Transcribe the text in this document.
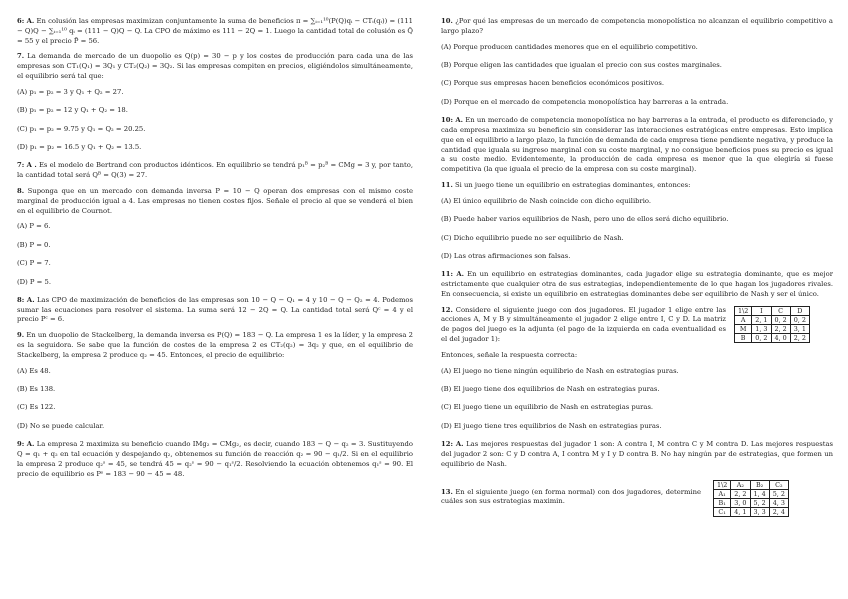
6: A. En colusión las empresas maximizan conjuntamente la suma de beneficios π = ∑ᵢ₌₁¹⁰(P(Q)qᵢ − CTᵢ(qᵢ)) = (111 − Q)Q − ∑ᵢ₌₁¹⁰ qᵢ = (111 − Q)Q − Q. La CPO de máximo es 111 − 2Q = 1. Luego la cantidad total de colusión es Q̄ = 55 y el precio P̄ = 56.

7. La demanda de mercado de un duopolio es Q(p) = 30 − p y los costes de producción para cada una de las empresas son CT₁(Q₁) = 3Q₁ y CT₂(Q₂) = 3Q₂. Si las empresas compiten en precios, eligiéndolos simultáneamente, el equilibrio será tal que:

(A) p₁ = p₂ = 3 y Q₁ + Q₂ = 27.

(B) p₁ = p₂ = 12 y Q₁ + Q₂ = 18.

(C) p₁ = p₂ = 9.75 y Q₁ = Q₂ = 20.25.

(D) p₁ = p₂ = 16.5 y Q₁ + Q₂ = 13.5.

7: A . Es el modelo de Bertrand con productos idénticos. En equilibrio se tendrá p₁ᴮ = p₂ᴮ = CMg = 3 y, por tanto, la cantidad total será Qᴮ = Q(3) = 27.

8. Suponga que en un mercado con demanda inversa P = 10 − Q operan dos empresas con el mismo coste marginal de producción igual a 4. Las empresas no tienen costes fijos. Señale el precio al que se venderá el bien en el equilibrio de Cournot.

(A) P = 6.

(B) P = 0.

(C) P = 7.

(D) P = 5.

8: A. Las CPO de maximización de beneficios de las empresas son 10 − Q − Q₁ = 4 y 10 − Q − Q₂ = 4. Podemos sumar las ecuaciones para resolver el sistema. La suma será 12 − 2Q = Q. La cantidad total será Qᶜ = 4 y el precio Pᶜ = 6.

9. En un duopolio de Stackelberg, la demanda inversa es P(Q) = 183 − Q. La empresa 1 es la líder, y la empresa 2 es la seguidora. Se sabe que la función de costes de la empresa 2 es CT₂(q₂) = 3q₂ y que, en el equilibrio de Stackelberg, la empresa 2 produce q₂ = 45. Entonces, el precio de equilibrio:

(A) Es 48.

(B) Es 138.

(C) Es 122.

(D) No se puede calcular.

9: A. La empresa 2 maximiza su beneficio cuando IMg₂ = CMg₂, es decir, cuando 183 − Q − q₂ = 3. Sustituyendo Q = q₁ + q₂ en tal ecuación y despejando q₂, obtenemos su función de reacción q₂ = 90 − q₁/2. Si en el equilibrio la empresa 2 produce q₂ˢ = 45, se tendrá 45 = q₂ˢ = 90 − q₁ˢ/2. Resolviendo la ecuación obtenemos q₁ˢ = 90. El precio de equilibrio es Pˢ = 183 − 90 − 45 = 48.

10. ¿Por qué las empresas de un mercado de competencia monopolística no alcanzan el equilibrio competitivo a largo plazo?

(A) Porque producen cantidades menores que en el equilibrio competitivo.

(B) Porque eligen las cantidades que igualan el precio con sus costes marginales.

(C) Porque sus empresas hacen beneficios económicos positivos.

(D) Porque en el mercado de competencia monopolística hay barreras a la entrada.

10: A. En un mercado de competencia monopolística no hay barreras a la entrada, el producto es diferenciado, y cada empresa maximiza su beneficio sin considerar las interacciones estratégicas entre empresas. Esto implica que en el equilibrio a largo plazo, la función de demanda de cada empresa tiene pendiente negativa, y produce la cantidad que iguala su ingreso marginal con su coste marginal, y no consigue beneficios pues su precio es igual a su coste medio. Evidentemente, la producción de cada empresa es menor que la que elegiría si fuese competitiva (la que iguala el precio de la empresa con su coste marginal).

11. Si un juego tiene un equilibrio en estrategias dominantes, entonces:

(A) El único equilibrio de Nash coincide con dicho equilibrio.

(B) Puede haber varios equilibrios de Nash, pero uno de ellos será dicho equilibrio.

(C) Dicho equilibrio puede no ser equilibrio de Nash.

(D) Las otras afirmaciones son falsas.

11: A. En un equilibrio en estrategias dominantes, cada jugador elige su estrategia dominante, que es mejor estrictamente que cualquier otra de sus estrategias, independientemente de lo que hagan los jugadores rivales. En consecuencia, si existe un equilibrio en estrategias dominantes debe ser equilibrio de Nash y ser el único.

12. Considere el siguiente juego con dos jugadores. El jugador 1 elige entre las acciones A, M y B y simultáneamente el jugador 2 elige entre I, C y D. La matriz de pagos del juego es la adjunta (el pago de la izquierda en cada eventualidad es el del jugador 1):

1\2	I	C	D
A	2, 1	0, 2	0, 2
M	1, 3	2, 2	3, 1
B	0, 2	4, 0	2, 2

Entonces, señale la respuesta correcta:

(A) El juego no tiene ningún equilibrio de Nash en estrategias puras.

(B) El juego tiene dos equilibrios de Nash en estrategias puras.

(C) El juego tiene un equilibrio de Nash en estrategias puras.

(D) El juego tiene tres equilibrios de Nash en estrategias puras.

12: A. Las mejores respuestas del jugador 1 son: A contra I, M contra C y M contra D. Las mejores respuestas del jugador 2 son: C y D contra A, I contra M y I y D contra B. No hay ningún par de estrategias, que formen un equilibrio de Nash.

13. En el siguiente juego (en forma normal) con dos jugadores, determine cuáles son sus estrategias maximin.

1\2	A₂	B₂	C₂
A₁	2, 2	1, 4	5, 2
B₁	3, 0	5, 2	4, 3
C₁	4, 1	3, 3	2, 4
